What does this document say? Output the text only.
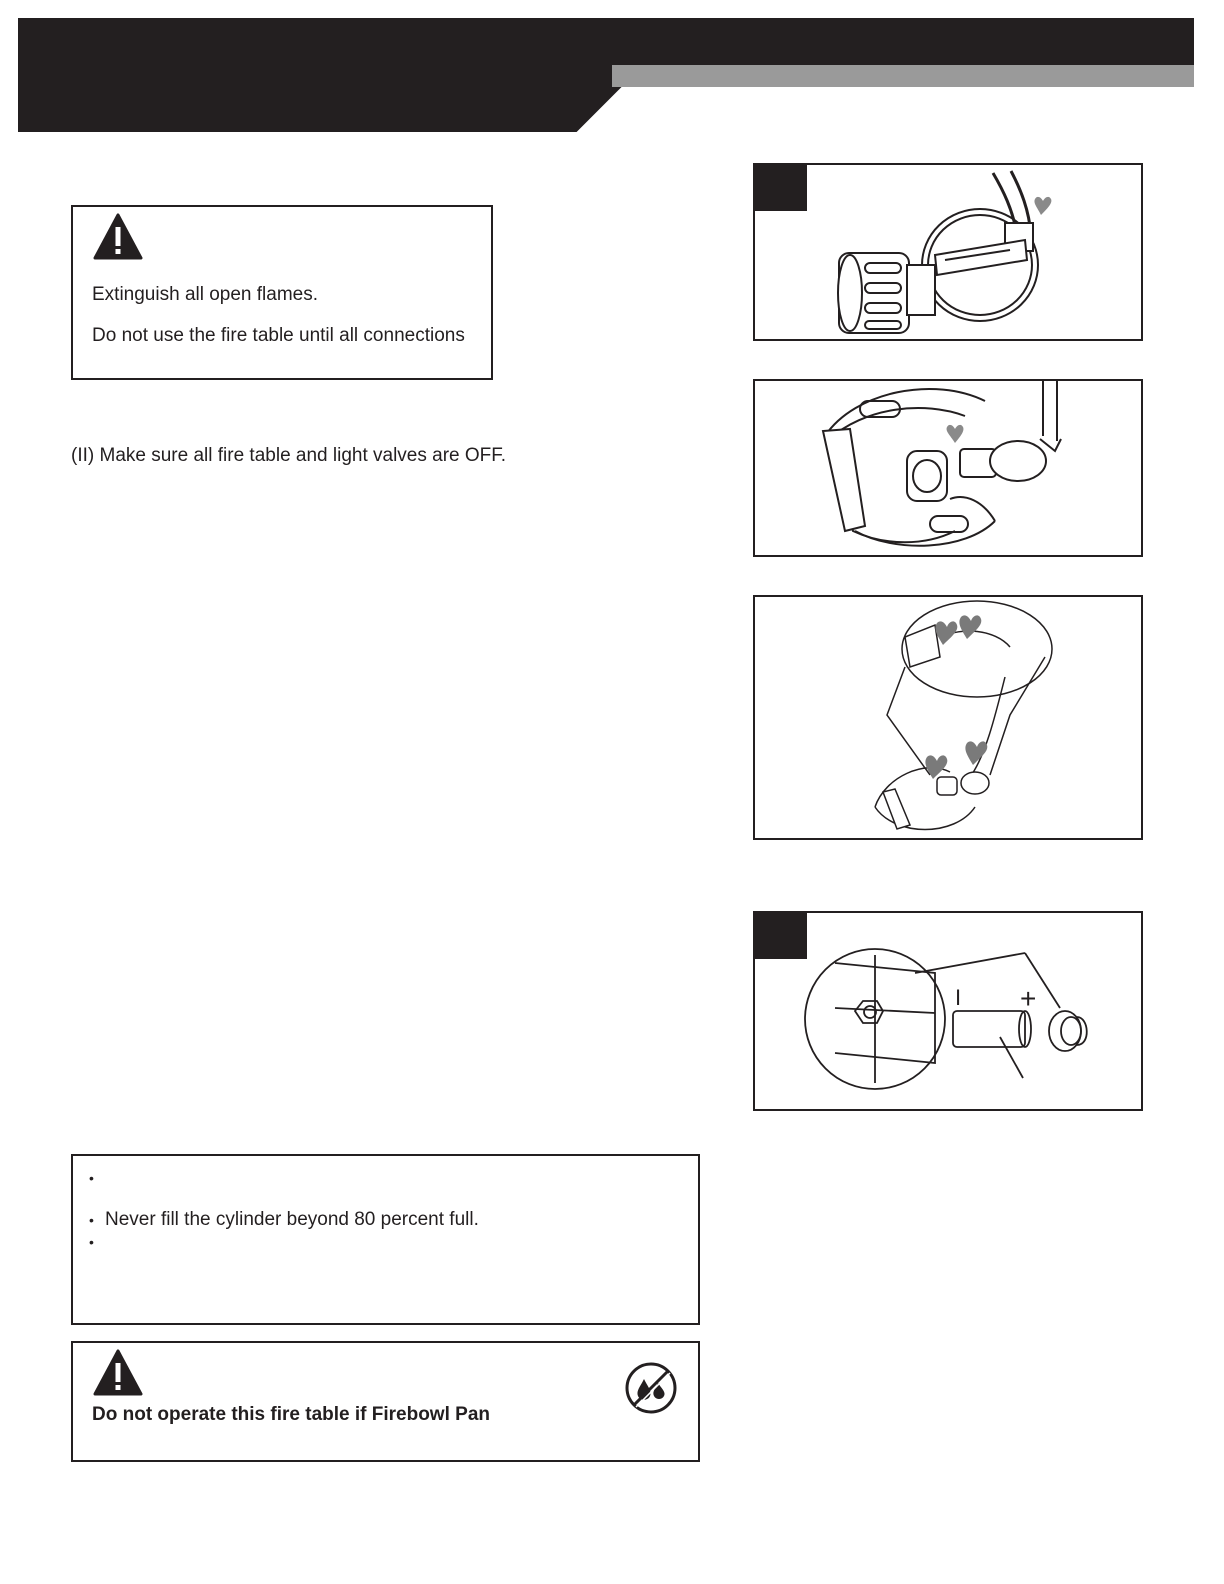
Extinguish all open flames.
Do not use the fire table until all connections
(II) Make sure all fire table and light valves are OFF.
I +
•
• Never fill the cylinder beyond 80 percent full.
•
Do not operate this fire table if Firebowl Pan
